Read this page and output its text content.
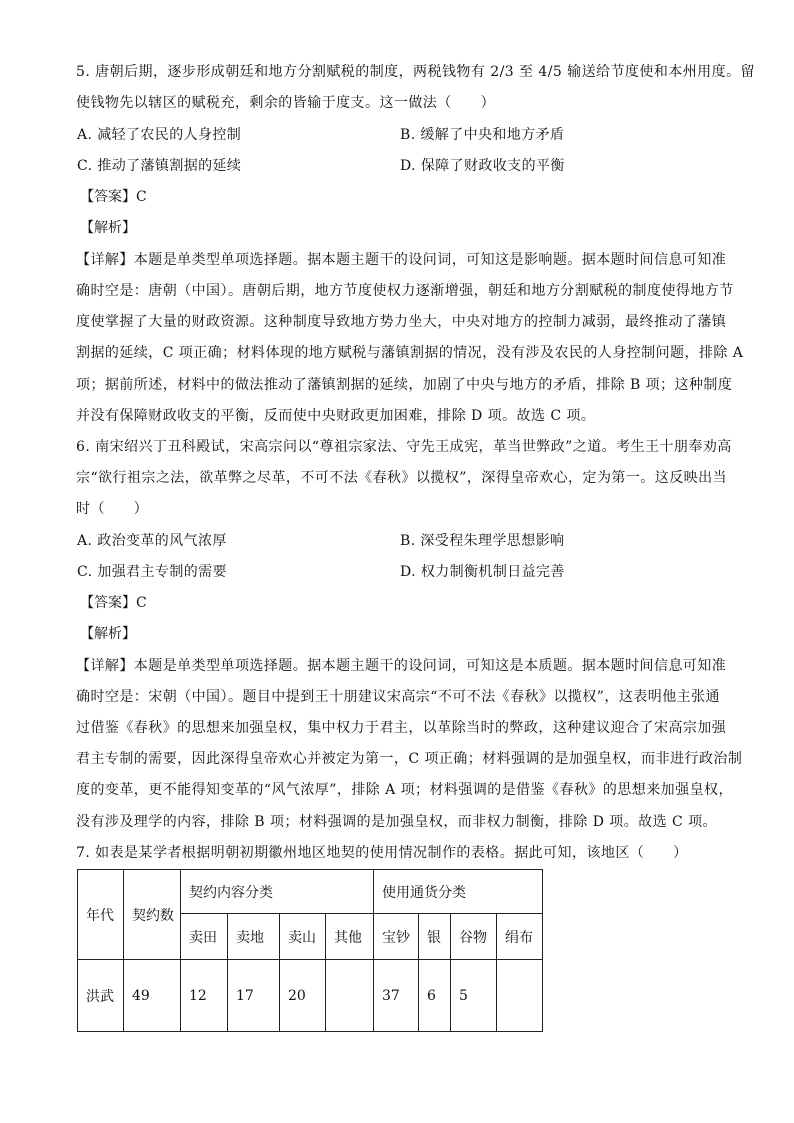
5. 唐朝后期，逐步形成朝廷和地方分割赋税的制度，两税钱物有 2/3 至 4/5 输送给节度使和本州用度。留
使钱物先以辖区的赋税充，剩余的皆输于度支。这一做法（　　）
A. 减轻了农民的人身控制	B. 缓解了中央和地方矛盾
C. 推动了藩镇割据的延续	D. 保障了财政收支的平衡
【答案】C
【解析】
【详解】本题是单类型单项选择题。据本题主题干的设问词，可知这是影响题。据本题时间信息可知准
确时空是：唐朝（中国）。唐朝后期，地方节度使权力逐渐增强，朝廷和地方分割赋税的制度使得地方节
度使掌握了大量的财政资源。这种制度导致地方势力坐大，中央对地方的控制力减弱，最终推动了藩镇
割据的延续，C 项正确；材料体现的地方赋税与藩镇割据的情况，没有涉及农民的人身控制问题，排除 A
项；据前所述，材料中的做法推动了藩镇割据的延续，加剧了中央与地方的矛盾，排除 B 项；这种制度
并没有保障财政收支的平衡，反而使中央财政更加困难，排除 D 项。故选 C 项。
6. 南宋绍兴丁丑科殿试，宋高宗问以“尊祖宗家法、守先王成宪，革当世弊政”之道。考生王十朋奉劝高
宗“欲行祖宗之法，欲革弊之尽革，不可不法《春秋》以揽权”，深得皇帝欢心，定为第一。这反映出当
时（　　）
A. 政治变革的风气浓厚	B. 深受程朱理学思想影响
C. 加强君主专制的需要	D. 权力制衡机制日益完善
【答案】C
【解析】
【详解】本题是单类型单项选择题。据本题主题干的设问词，可知这是本质题。据本题时间信息可知准
确时空是：宋朝（中国）。题目中提到王十朋建议宋高宗“不可不法《春秋》以揽权”，这表明他主张通
过借鉴《春秋》的思想来加强皇权，集中权力于君主，以革除当时的弊政，这种建议迎合了宋高宗加强
君主专制的需要，因此深得皇帝欢心并被定为第一，C 项正确；材料强调的是加强皇权，而非进行政治制
度的变革，更不能得知变革的“风气浓厚”，排除 A 项；材料强调的是借鉴《春秋》的思想来加强皇权，
没有涉及理学的内容，排除 B 项；材料强调的是加强皇权，而非权力制衡，排除 D 项。故选 C 项。
7. 如表是某学者根据明朝初期徽州地区地契的使用情况制作的表格。据此可知，该地区（　　）
年代	契约数	契约内容分类				使用通货分类			
		卖田	卖地	卖山	其他	宝钞	银	谷物	绢布
洪武	49	12	17	20		37	6	5	
